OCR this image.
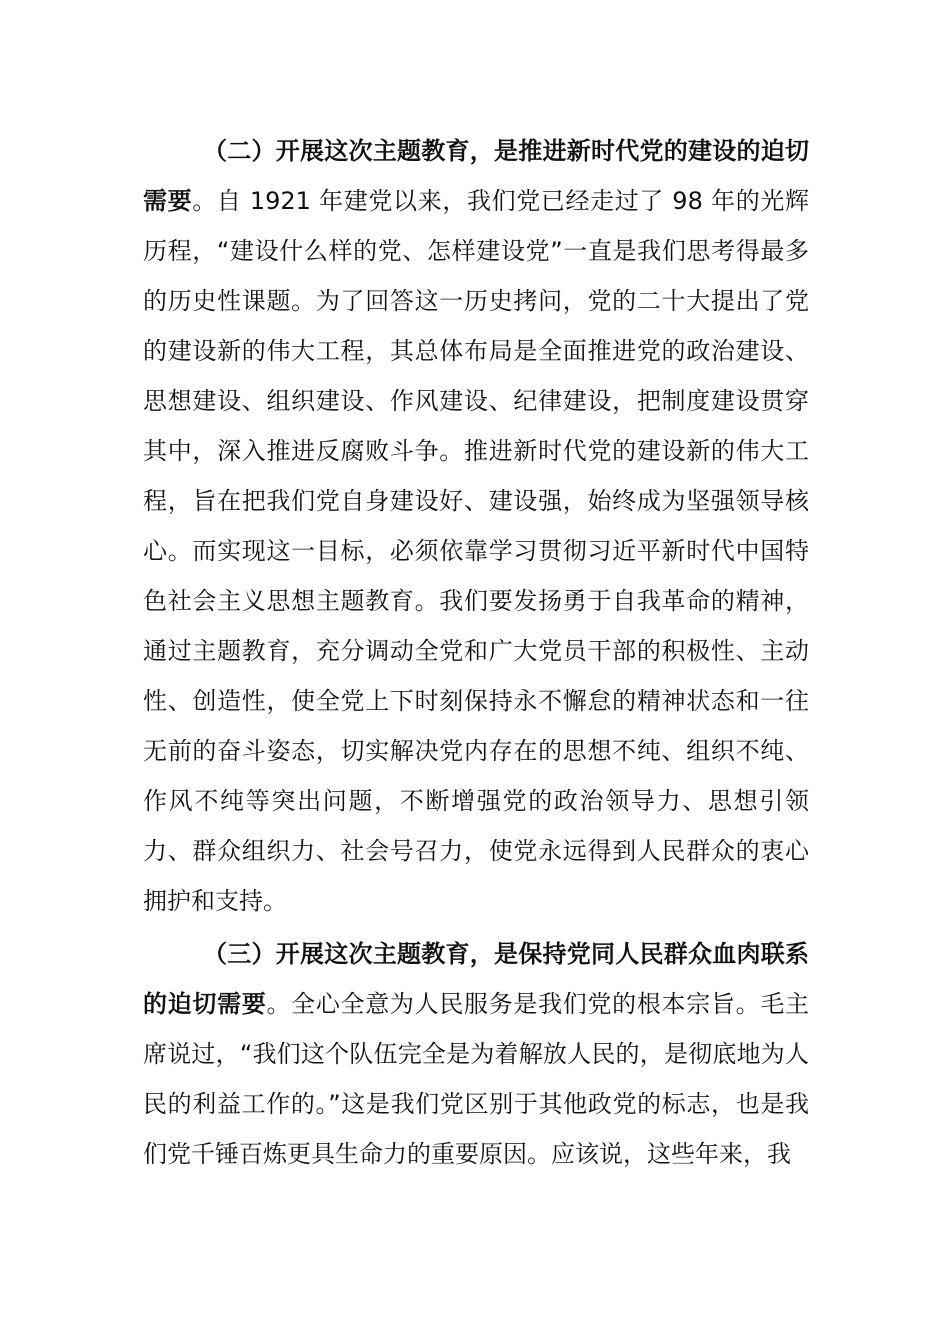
（二）开展这次主题教育，是推进新时代党的建设的迫切需要。自 1921 年建党以来，我们党已经走过了 98 年的光辉历程，“建设什么样的党、怎样建设党”一直是我们思考得最多的历史性课题。为了回答这一历史拷问，党的二十大提出了党的建设新的伟大工程，其总体布局是全面推进党的政治建设、思想建设、组织建设、作风建设、纪律建设，把制度建设贯穿其中，深入推进反腐败斗争。推进新时代党的建设新的伟大工程，旨在把我们党自身建设好、建设强，始终成为坚强领导核心。而实现这一目标，必须依靠学习贯彻习近平新时代中国特色社会主义思想主题教育。我们要发扬勇于自我革命的精神，通过主题教育，充分调动全党和广大党员干部的积极性、主动性、创造性，使全党上下时刻保持永不懈怠的精神状态和一往无前的奋斗姿态，切实解决党内存在的思想不纯、组织不纯、作风不纯等突出问题，不断增强党的政治领导力、思想引领力、群众组织力、社会号召力，使党永远得到人民群众的衷心拥护和支持。

（三）开展这次主题教育，是保持党同人民群众血肉联系的迫切需要。全心全意为人民服务是我们党的根本宗旨。毛主席说过，“我们这个队伍完全是为着解放人民的，是彻底地为人民的利益工作的。”这是我们党区别于其他政党的标志，也是我们党千锤百炼更具生命力的重要原因。应该说，这些年来，我
